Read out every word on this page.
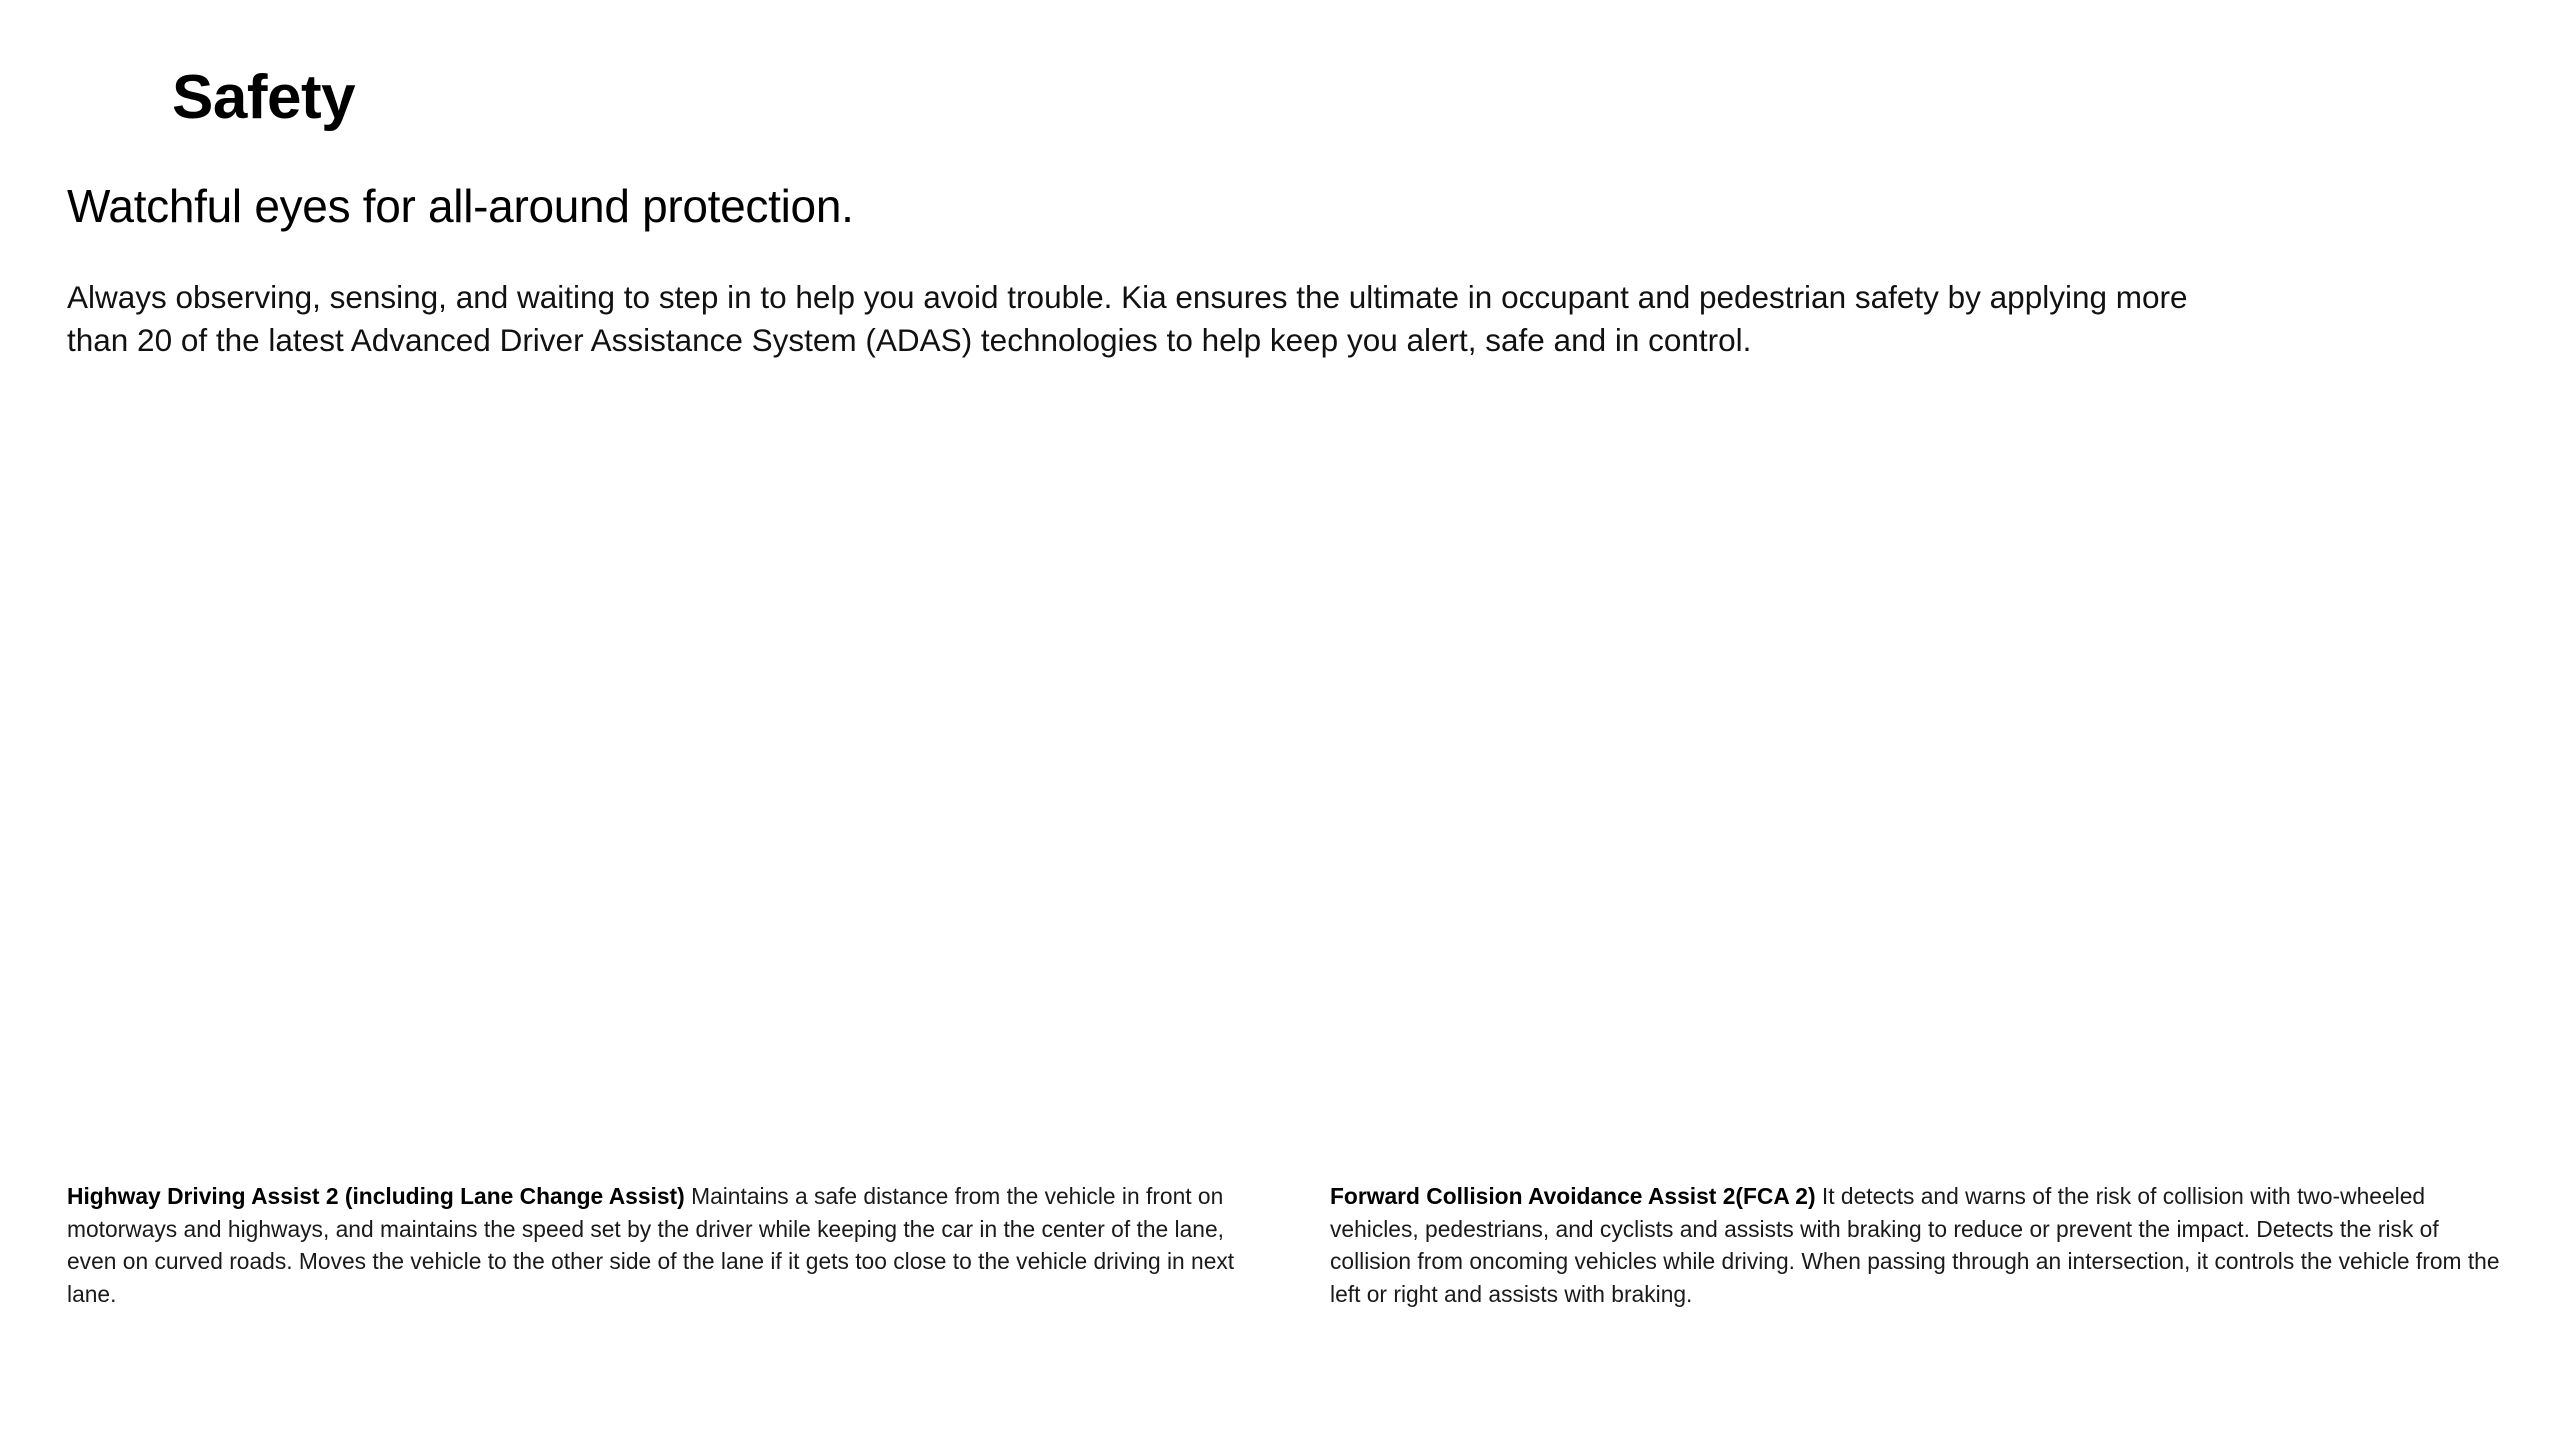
Safety
Watchful eyes for all-around protection.

Always observing, sensing, and waiting to step in to help you avoid trouble. Kia ensures the ultimate in occupant and pedestrian safety by applying more than 20 of the latest Advanced Driver Assistance System (ADAS) technologies to help keep you alert, safe and in control.

Highway Driving Assist 2 (including Lane Change Assist) Maintains a safe distance from the vehicle in front on motorways and highways, and maintains the speed set by the driver while keeping the car in the center of the lane, even on curved roads. Moves the vehicle to the other side of the lane if it gets too close to the vehicle driving in next lane.

Forward Collision Avoidance Assist 2(FCA 2) It detects and warns of the risk of collision with two-wheeled vehicles, pedestrians, and cyclists and assists with braking to reduce or prevent the impact. Detects the risk of collision from oncoming vehicles while driving. When passing through an intersection, it controls the vehicle from the left or right and assists with braking.
